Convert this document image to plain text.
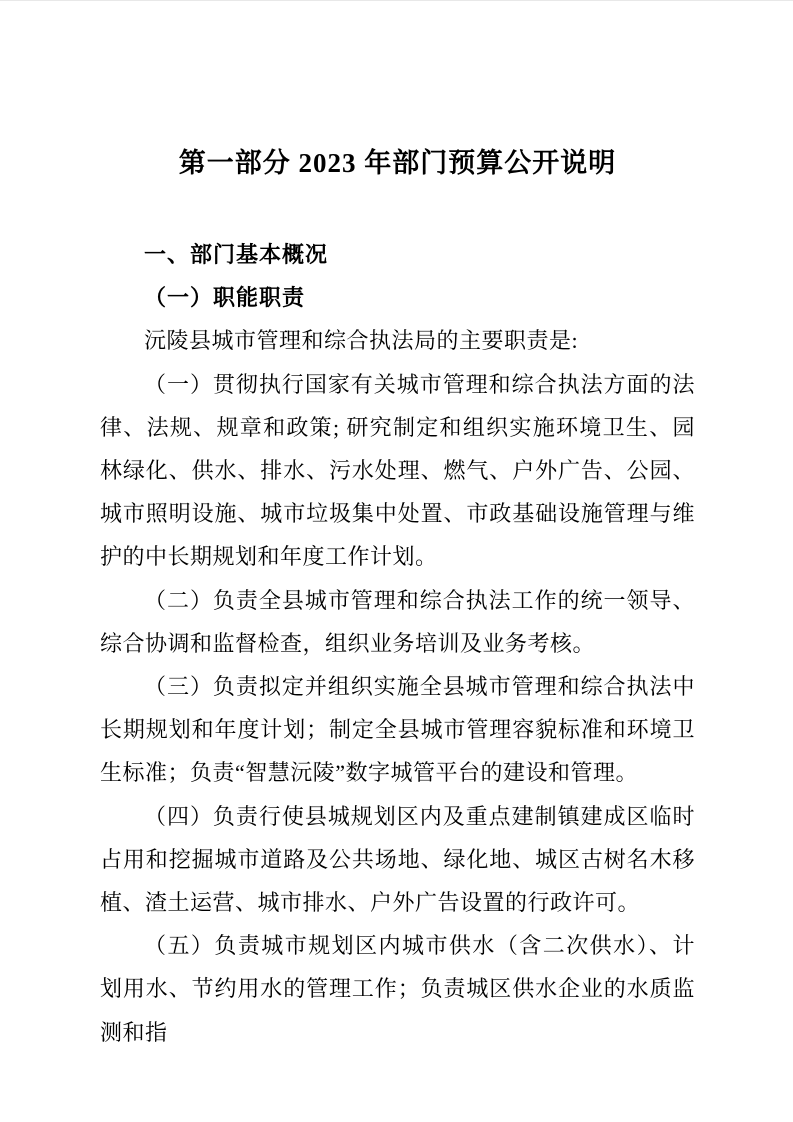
第一部分 2023 年部门预算公开说明
一、部门基本概况
（一）职能职责

沅陵县城市管理和综合执法局的主要职责是:

（一）贯彻执行国家有关城市管理和综合执法方面的法律、法规、规章和政策; 研究制定和组织实施环境卫生、园林绿化、供水、排水、污水处理、燃气、户外广告、公园、城市照明设施、城市垃圾集中处置、市政基础设施管理与维护的中长期规划和年度工作计划。

（二）负责全县城市管理和综合执法工作的统一领导、综合协调和监督检查，组织业务培训及业务考核。

（三）负责拟定并组织实施全县城市管理和综合执法中长期规划和年度计划；制定全县城市管理容貌标准和环境卫生标准；负责“智慧沅陵”数字城管平台的建设和管理。

（四）负责行使县城规划区内及重点建制镇建成区临时占用和挖掘城市道路及公共场地、绿化地、城区古树名木移植、渣土运营、城市排水、户外广告设置的行政许可。

（五）负责城市规划区内城市供水（含二次供水）、计划用水、节约用水的管理工作；负责城区供水企业的水质监测和指
